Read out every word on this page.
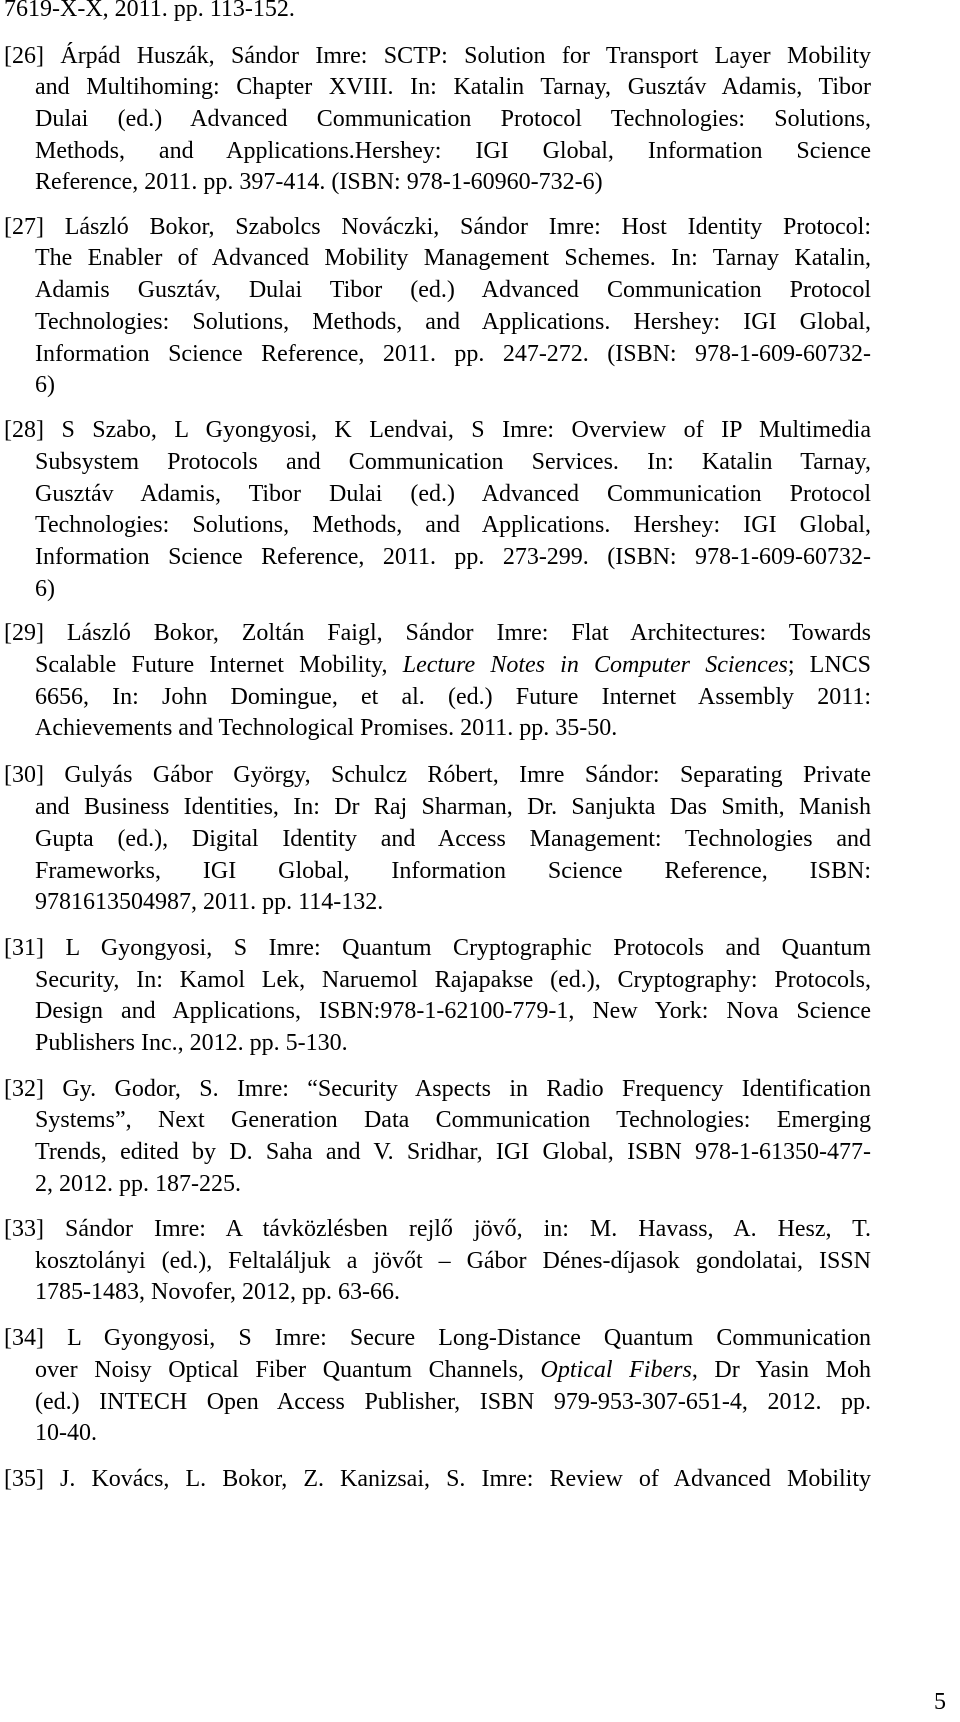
7619-X-X, 2011. pp. 113-152.
[26] Árpád Huszák, Sándor Imre: SCTP: Solution for Transport Layer Mobility
and Multihoming: Chapter XVIII. In: Katalin Tarnay, Gusztáv Adamis, Tibor
Dulai (ed.) Advanced Communication Protocol Technologies: Solutions,
Methods, and Applications.Hershey: IGI Global, Information Science
Reference, 2011. pp. 397-414. (ISBN: 978-1-60960-732-6)
[27] László Bokor, Szabolcs Nováczki, Sándor Imre: Host Identity Protocol:
The Enabler of Advanced Mobility Management Schemes. In: Tarnay Katalin,
Adamis Gusztáv, Dulai Tibor (ed.) Advanced Communication Protocol
Technologies: Solutions, Methods, and Applications. Hershey: IGI Global,
Information Science Reference, 2011. pp. 247-272. (ISBN: 978-1-609-60732-
6)
[28] S Szabo, L Gyongyosi, K Lendvai, S Imre: Overview of IP Multimedia
Subsystem Protocols and Communication Services. In: Katalin Tarnay,
Gusztáv Adamis, Tibor Dulai (ed.) Advanced Communication Protocol
Technologies: Solutions, Methods, and Applications. Hershey: IGI Global,
Information Science Reference, 2011. pp. 273-299. (ISBN: 978-1-609-60732-
6)
[29] László Bokor, Zoltán Faigl, Sándor Imre: Flat Architectures: Towards
Scalable Future Internet Mobility, Lecture Notes in Computer Sciences; LNCS
6656, In: John Domingue, et al. (ed.) Future Internet Assembly 2011:
Achievements and Technological Promises. 2011. pp. 35-50.
[30] Gulyás Gábor György, Schulcz Róbert, Imre Sándor: Separating Private
and Business Identities, In: Dr Raj Sharman, Dr. Sanjukta Das Smith, Manish
Gupta (ed.), Digital Identity and Access Management: Technologies and
Frameworks, IGI Global, Information Science Reference, ISBN:
9781613504987, 2011. pp. 114-132.
[31] L Gyongyosi, S Imre: Quantum Cryptographic Protocols and Quantum
Security, In: Kamol Lek, Naruemol Rajapakse (ed.), Cryptography: Protocols,
Design and Applications, ISBN:978-1-62100-779-1, New York: Nova Science
Publishers Inc., 2012. pp. 5-130.
[32] Gy. Godor, S. Imre: “Security Aspects in Radio Frequency Identification
Systems”, Next Generation Data Communication Technologies: Emerging
Trends, edited by D. Saha and V. Sridhar, IGI Global, ISBN 978-1-61350-477-
2, 2012. pp. 187-225.
[33] Sándor Imre: A távközlésben rejlő jövő, in: M. Havass, A. Hesz, T.
kosztolányi (ed.), Feltaláljuk a jövőt – Gábor Dénes-díjasok gondolatai, ISSN
1785-1483, Novofer, 2012, pp. 63-66.
[34] L Gyongyosi, S Imre: Secure Long-Distance Quantum Communication
over Noisy Optical Fiber Quantum Channels, Optical Fibers, Dr Yasin Moh
(ed.) INTECH Open Access Publisher, ISBN 979-953-307-651-4, 2012. pp.
10-40.
[35] J. Kovács, L. Bokor, Z. Kanizsai, S. Imre: Review of Advanced Mobility
5
